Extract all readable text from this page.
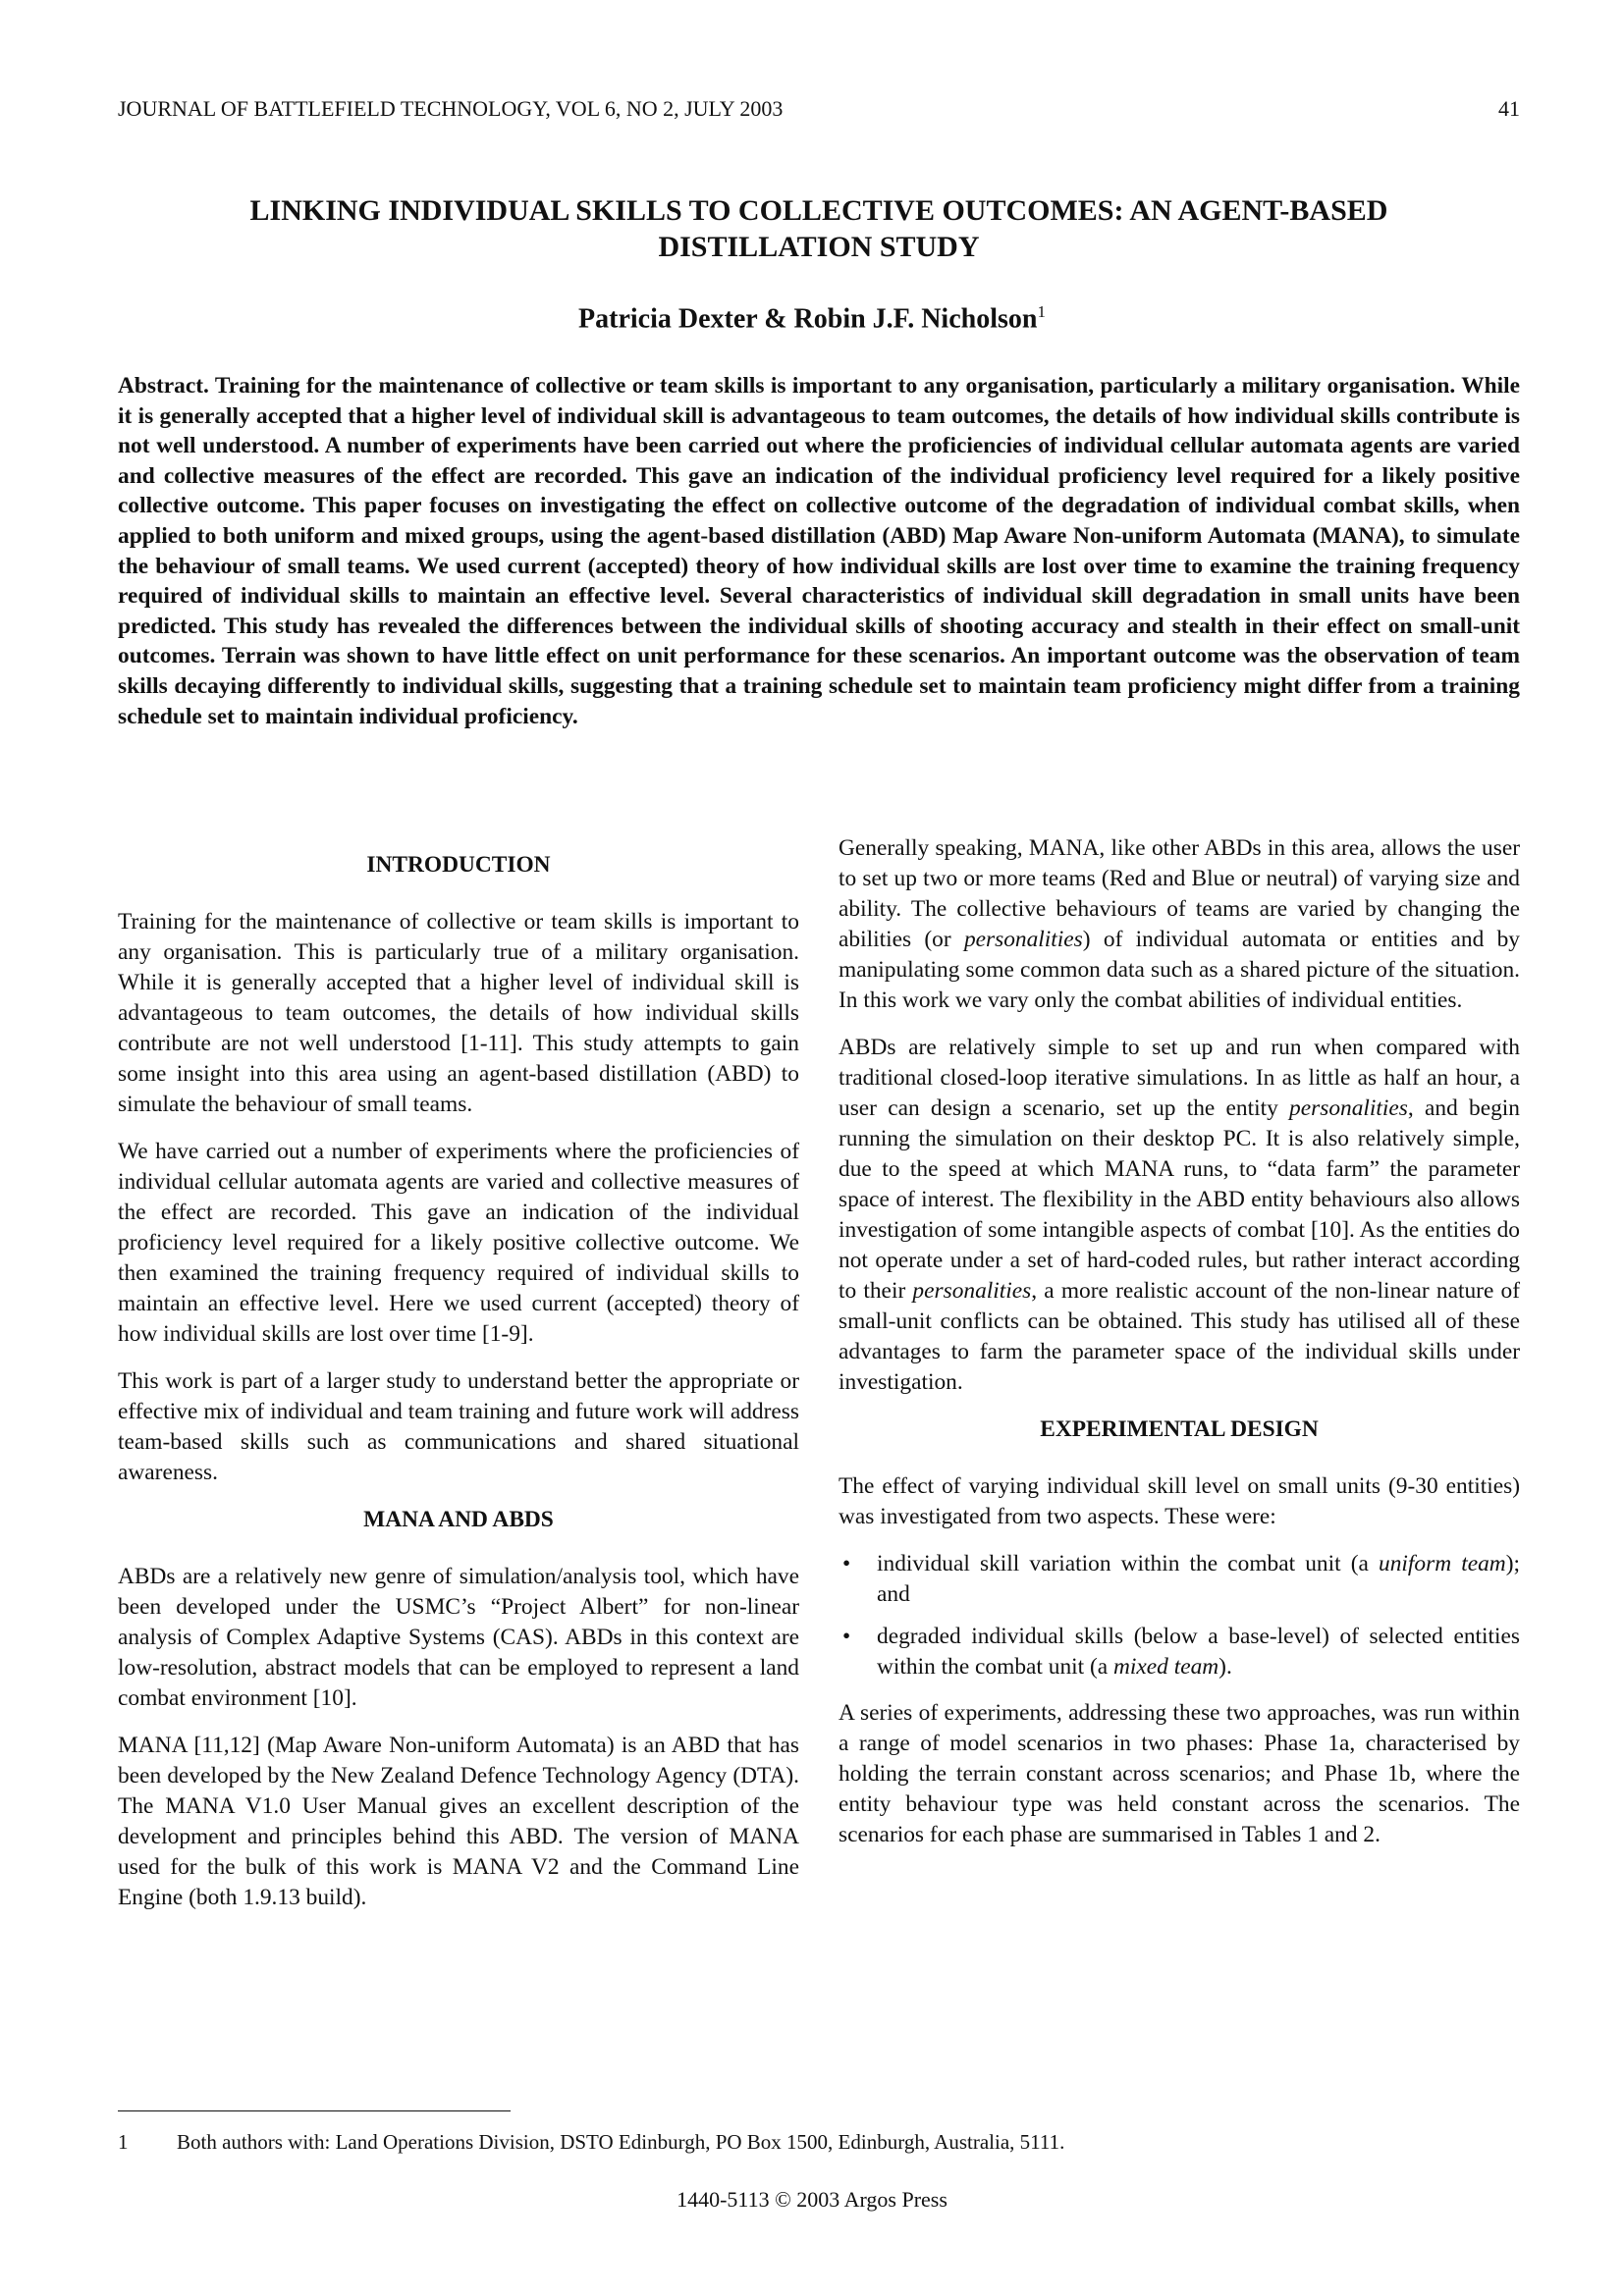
JOURNAL OF BATTLEFIELD TECHNOLOGY, VOL 6, NO 2, JULY 2003	41
LINKING INDIVIDUAL SKILLS TO COLLECTIVE OUTCOMES: AN AGENT-BASED DISTILLATION STUDY
Patricia Dexter & Robin J.F. Nicholson$^1$

Abstract. Training for the maintenance of collective or team skills is important to any organisation, particularly a military organisation. While it is generally accepted that a higher level of individual skill is advantageous to team outcomes, the details of how individual skills contribute is not well understood. A number of experiments have been carried out where the proficiencies of individual cellular automata agents are varied and collective measures of the effect are recorded. This gave an indication of the individual proficiency level required for a likely positive collective outcome. This paper focuses on investigating the effect on collective outcome of the degradation of individual combat skills, when applied to both uniform and mixed groups, using the agent-based distillation (ABD) Map Aware Non-uniform Automata (MANA), to simulate the behaviour of small teams. We used current (accepted) theory of how individual skills are lost over time to examine the training frequency required of individual skills to maintain an effective level. Several characteristics of individual skill degradation in small units have been predicted. This study has revealed the differences between the individual skills of shooting accuracy and stealth in their effect on small-unit outcomes. Terrain was shown to have little effect on unit performance for these scenarios. An important outcome was the observation of team skills decaying differently to individual skills, suggesting that a training schedule set to maintain team proficiency might differ from a training schedule set to maintain individual proficiency.

INTRODUCTION

Training for the maintenance of collective or team skills is important to any organisation. This is particularly true of a military organisation. While it is generally accepted that a higher level of individual skill is advantageous to team outcomes, the details of how individual skills contribute are not well understood [1-11]. This study attempts to gain some insight into this area using an agent-based distillation (ABD) to simulate the behaviour of small teams.

We have carried out a number of experiments where the proficiencies of individual cellular automata agents are varied and collective measures of the effect are recorded. This gave an indication of the individual proficiency level required for a likely positive collective outcome. We then examined the training frequency required of individual skills to maintain an effective level. Here we used current (accepted) theory of how individual skills are lost over time [1-9].

This work is part of a larger study to understand better the appropriate or effective mix of individual and team training and future work will address team-based skills such as communications and shared situational awareness.

MANA AND ABDS

ABDs are a relatively new genre of simulation/analysis tool, which have been developed under the USMC’s “Project Albert” for non-linear analysis of Complex Adaptive Systems (CAS). ABDs in this context are low-resolution, abstract models that can be employed to represent a land combat environment [10].

MANA [11,12] (Map Aware Non-uniform Automata) is an ABD that has been developed by the New Zealand Defence Technology Agency (DTA). The MANA V1.0 User Manual gives an excellent description of the development and principles behind this ABD. The version of MANA used for the bulk of this work is MANA V2 and the Command Line Engine (both 1.9.13 build).

Generally speaking, MANA, like other ABDs in this area, allows the user to set up two or more teams (Red and Blue or neutral) of varying size and ability. The collective behaviours of teams are varied by changing the abilities (or personalities) of individual automata or entities and by manipulating some common data such as a shared picture of the situation. In this work we vary only the combat abilities of individual entities.

ABDs are relatively simple to set up and run when compared with traditional closed-loop iterative simulations. In as little as half an hour, a user can design a scenario, set up the entity personalities, and begin running the simulation on their desktop PC. It is also relatively simple, due to the speed at which MANA runs, to “data farm” the parameter space of interest. The flexibility in the ABD entity behaviours also allows investigation of some intangible aspects of combat [10]. As the entities do not operate under a set of hard-coded rules, but rather interact according to their personalities, a more realistic account of the non-linear nature of small-unit conflicts can be obtained. This study has utilised all of these advantages to farm the parameter space of the individual skills under investigation.

EXPERIMENTAL DESIGN

The effect of varying individual skill level on small units (9-30 entities) was investigated from two aspects. These were:

• individual skill variation within the combat unit (a uniform team); and
• degraded individual skills (below a base-level) of selected entities within the combat unit (a mixed team).

A series of experiments, addressing these two approaches, was run within a range of model scenarios in two phases: Phase 1a, characterised by holding the terrain constant across scenarios; and Phase 1b, where the entity behaviour type was held constant across the scenarios. The scenarios for each phase are summarised in Tables 1 and 2.

1 Both authors with: Land Operations Division, DSTO Edinburgh, PO Box 1500, Edinburgh, Australia, 5111.
1440-5113 © 2003 Argos Press
